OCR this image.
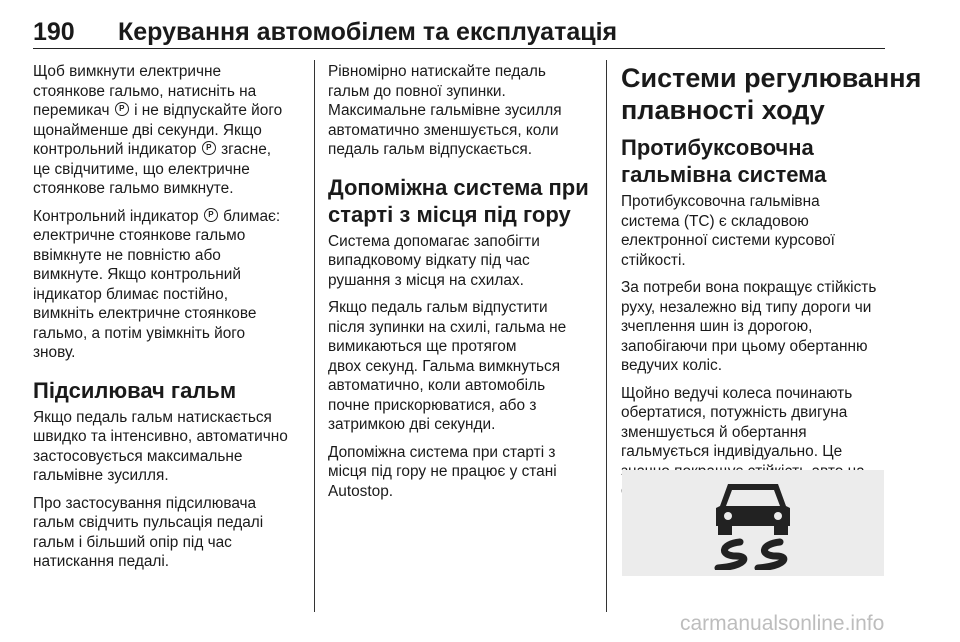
190 Керування автомобілем та експлуатація
Щоб вимкнути електричне
стоянкове гальмо, натисніть на
перемикач P і не відпускайте його
щонайменше дві секунди. Якщо
контрольний індикатор P згасне,
це свідчитиме, що електричне
стоянкове гальмо вимкнуте.
Контрольний індикатор P блимає:
електричне стоянкове гальмо
ввімкнуте не повністю або
вимкнуте. Якщо контрольний
індикатор блимає постійно,
вимкніть електричне стоянкове
гальмо, а потім увімкніть його
знову.
Підсилювач гальм
Якщо педаль гальм натискається
швидко та інтенсивно, автоматично
застосовується максимальне
гальмівне зусилля.
Про застосування підсилювача
гальм свідчить пульсація педалі
гальм і більший опір під час
натискання педалі.
Рівномірно натискайте педаль
гальм до повної зупинки.
Максимальне гальмівне зусилля
автоматично зменшується, коли
педаль гальм відпускається.
Допоміжна система при
старті з місця під гору
Система допомагає запобігти
випадковому відкату під час
рушання з місця на схилах.
Якщо педаль гальм відпустити
після зупинки на схилі, гальма не
вимикаються ще протягом
двох секунд. Гальма вимкнуться
автоматично, коли автомобіль
почне прискорюватися, або з
затримкою дві секунди.
Допоміжна система при старті з
місця під гору не працює у стані
Autostop.
Системи регулювання
плавності ходу
Протибуксовочна
гальмівна система
Протибуксовочна гальмівна
система (TC) є складовою
електронної системи курсової
стійкості.
За потреби вона покращує стійкість
руху, незалежно від типу дороги чи
зчеплення шин із дорогою,
запобігаючи при цьому обертанню
ведучих коліс.
Щойно ведучі колеса починають
обертатися, потужність двигуна
зменшується й обертання
гальмується індивідуально. Це
carmanualsonline.info
